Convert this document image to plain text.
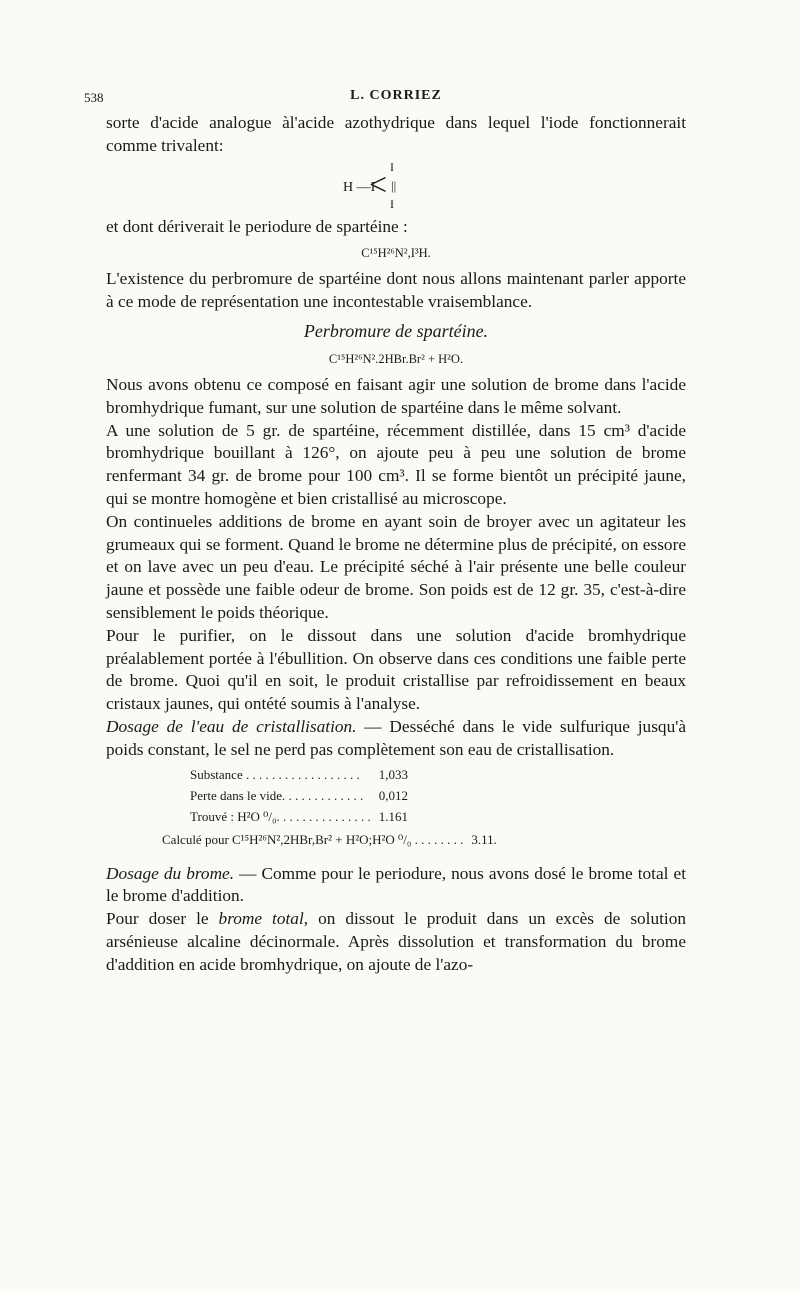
538	L. CORRIEZ

sorte d'acide analogue àl'acide azothydrique dans lequel l'iode fonctionnerait comme trivalent:

H —I
< I
||
I

et dont dériverait le periodure de spartéine :

C¹⁵H²⁶N²,I³H.

L'existence du perbromure de spartéine dont nous allons maintenant parler apporte à ce mode de représentation une incontestable vraisemblance.

Perbromure de spartéine.
C¹⁵H²⁶N².2HBr.Br² + H²O.

Nous avons obtenu ce composé en faisant agir une solution de brome dans l'acide bromhydrique fumant, sur une solution de spartéine dans le même solvant.

A une solution de 5 gr. de spartéine, récemment distillée, dans 15 cm³ d'acide bromhydrique bouillant à 126°, on ajoute peu à peu une solution de brome renfermant 34 gr. de brome pour 100 cm³. Il se forme bientôt un précipité jaune, qui se montre homogène et bien cristallisé au microscope.

On continueles additions de brome en ayant soin de broyer avec un agitateur les grumeaux qui se forment. Quand le brome ne détermine plus de précipité, on essore et on lave avec un peu d'eau. Le précipité séché à l'air présente une belle couleur jaune et possède une faible odeur de brome. Son poids est de 12 gr. 35, c'est-à-dire sensiblement le poids théorique.

Pour le purifier, on le dissout dans une solution d'acide bromhydrique préalablement portée à l'ébullition. On observe dans ces conditions une faible perte de brome. Quoi qu'il en soit, le produit cristallise par refroidissement en beaux cristaux jaunes, qui ontété soumis à l'analyse.

Dosage de l'eau de cristallisation. — Desséché dans le vide sulfurique jusqu'à poids constant, le sel ne perd pas complètement son eau de cristallisation.

Substance . . . . . . . . . . . . . . . . . .	1,033
Perte dans le vide. . . . . . . . . . . . .	0,012
Trouvé : H²O ⁰/₀. . . . . . . . . . . . . . .	1.161
Calculé pour C¹⁵H²⁶N²,2HBr,Br² + H²O;H²O ⁰/₀ . . . . . . . . 3.11.

Dosage du brome. — Comme pour le periodure, nous avons dosé le brome total et le brome d'addition.

Pour doser le brome total, on dissout le produit dans un excès de solution arsénieuse alcaline décinormale. Après dissolution et transformation du brome d'addition en acide bromhydrique, on ajoute de l'azo-
